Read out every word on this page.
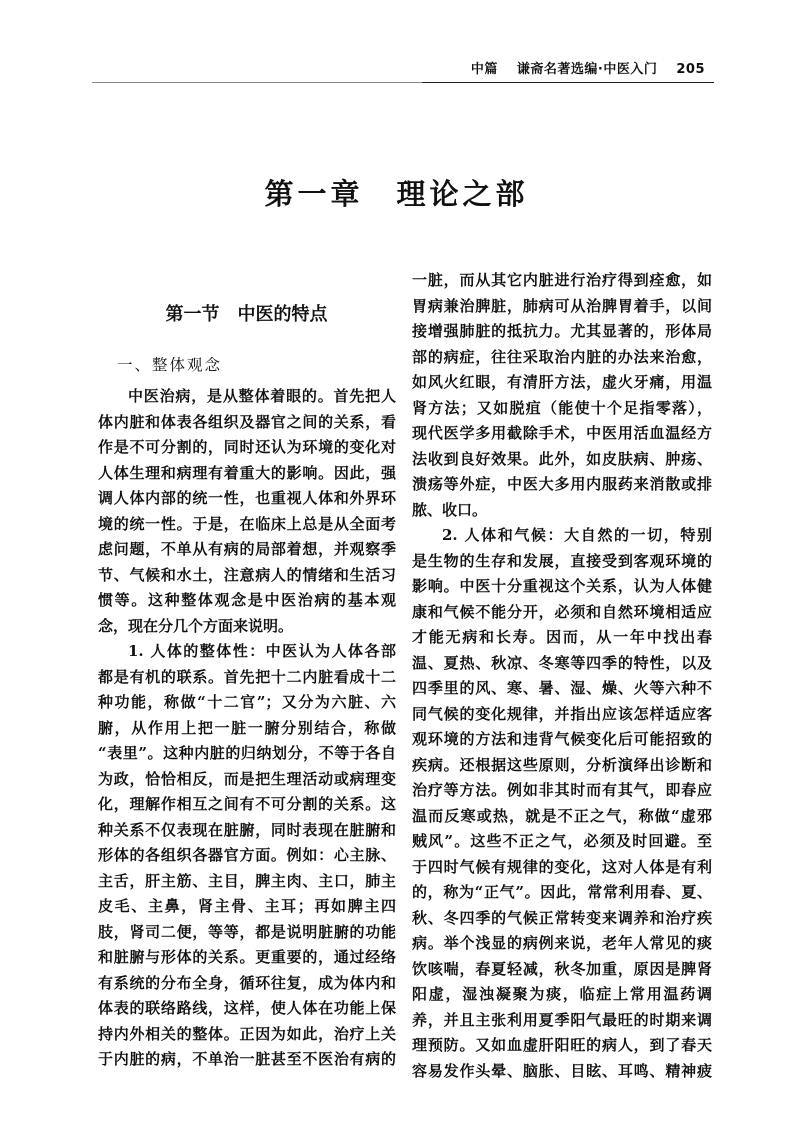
中篇 谦斋名著选编·中医入门 205
第一章　理论之部
第一节　中医的特点
一、整体观念
中医治病，是从整体着眼的。首先把人
体内脏和体表各组织及器官之间的关系，看
作是不可分割的，同时还认为环境的变化对
人体生理和病理有着重大的影响。因此，强
调人体内部的统一性，也重视人体和外界环
境的统一性。于是，在临床上总是从全面考
虑问题，不单从有病的局部着想，并观察季
节、气候和水土，注意病人的情绪和生活习
惯等。这种整体观念是中医治病的基本观
念，现在分几个方面来说明。
1. 人体的整体性：中医认为人体各部
都是有机的联系。首先把十二内脏看成十二
种功能，称做“十二官”；又分为六脏、六
腑，从作用上把一脏一腑分别结合，称做
“表里”。这种内脏的归纳划分，不等于各自
为政，恰恰相反，而是把生理活动或病理变
化，理解作相互之间有不可分割的关系。这
种关系不仅表现在脏腑，同时表现在脏腑和
形体的各组织各器官方面。例如：心主脉、
主舌，肝主筋、主目，脾主肉、主口，肺主
皮毛、主鼻，肾主骨、主耳；再如脾主四
肢，肾司二便，等等，都是说明脏腑的功能
和脏腑与形体的关系。更重要的，通过经络
有系统的分布全身，循环往复，成为体内和
体表的联络路线，这样，使人体在功能上保
持内外相关的整体。正因为如此，治疗上关
于内脏的病，不单治一脏甚至不医治有病的
一脏，而从其它内脏进行治疗得到痊愈，如
胃病兼治脾脏，肺病可从治脾胃着手，以间
接增强肺脏的抵抗力。尤其显著的，形体局
部的病症，往往采取治内脏的办法来治愈，
如风火红眼，有清肝方法，虚火牙痛，用温
肾方法；又如脱疽（能使十个足指零落），
现代医学多用截除手术，中医用活血温经方
法收到良好效果。此外，如皮肤病、肿疡、
溃疡等外症，中医大多用内服药来消散或排
脓、收口。
2. 人体和气候：大自然的一切，特别
是生物的生存和发展，直接受到客观环境的
影响。中医十分重视这个关系，认为人体健
康和气候不能分开，必须和自然环境相适应
才能无病和长寿。因而，从一年中找出春
温、夏热、秋凉、冬寒等四季的特性，以及
四季里的风、寒、暑、湿、燥、火等六种不
同气候的变化规律，并指出应该怎样适应客
观环境的方法和违背气候变化后可能招致的
疾病。还根据这些原则，分析演绎出诊断和
治疗等方法。例如非其时而有其气，即春应
温而反寒或热，就是不正之气，称做“虚邪
贼风”。这些不正之气，必须及时回避。至
于四时气候有规律的变化，这对人体是有利
的，称为“正气”。因此，常常利用春、夏、
秋、冬四季的气候正常转变来调养和治疗疾
病。举个浅显的病例来说，老年人常见的痰
饮咳喘，春夏轻减，秋冬加重，原因是脾肾
阳虚，湿浊凝聚为痰，临症上常用温药调
养，并且主张利用夏季阳气最旺的时期来调
理预防。又如血虚肝阳旺的病人，到了春天
容易发作头晕、脑胀、目眩、耳鸣、精神疲
